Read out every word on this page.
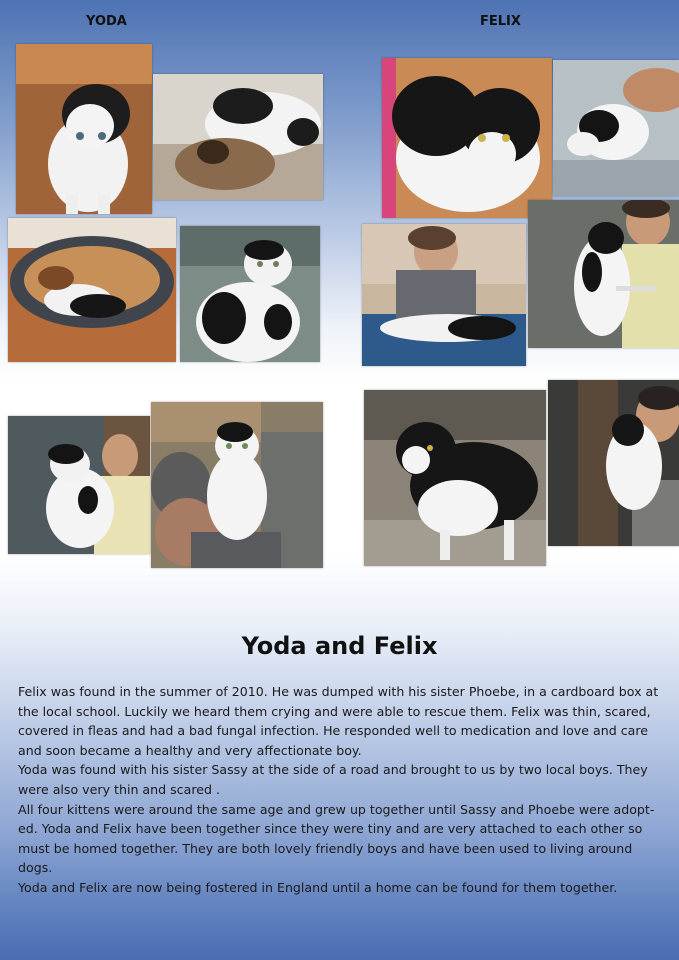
YODA	FELIX
Yoda and Felix

Felix was found in the summer of 2010. He was dumped with his sister Phoebe, in a cardboard box at the local school. Luckily we heard them crying and were able to rescue them. Felix was thin, scared, covered in fleas and had a bad fungal infection. He responded well to medication and love and care and soon became a healthy and very affectionate boy.

Yoda was found with his sister Sassy at the side of a road and brought to us by two local boys. They were also very thin and scared .

All four kittens were around the same age and grew up together until Sassy and Phoebe were adopt-ed. Yoda and Felix have been together since they were tiny and are very attached to each other so must be homed together. They are both lovely friendly boys and have been used to living around dogs.

Yoda and Felix are now being fostered in England until a home can be found for them together.
